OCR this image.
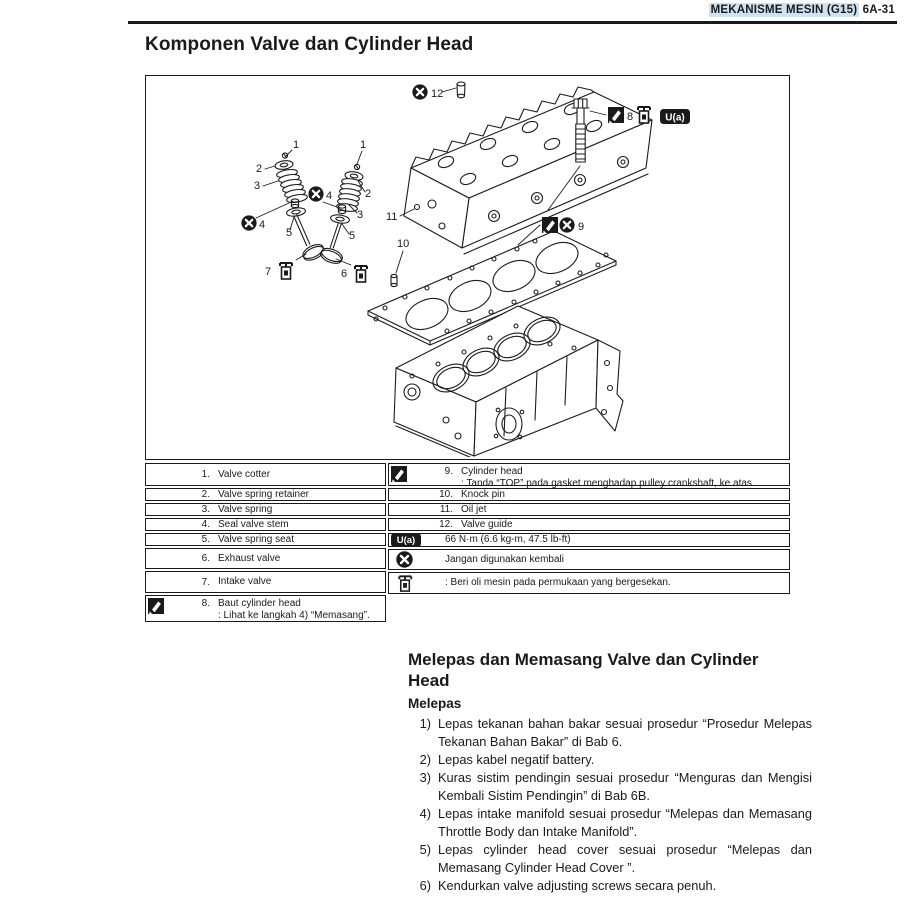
MEKANISME MESIN (G15) 6A-31
Komponen Valve dan Cylinder Head
U(a)
12
8
9
11
10
1
2
3
4
5
7
1
2
3
4
5
6
1. Valve cotter
2. Valve spring retainer
3. Valve spring
4. Seal valve stem
5. Valve spring seat
6. Exhaust valve
7. Intake valve
8. Baut cylinder head
: Lihat ke langkah 4) “Memasang”.
9. Cylinder head
: Tanda “TOP” pada gasket menghadap pulley crankshaft, ke atas.
10. Knock pin
11. Oil jet
12. Valve guide
U(a)	66 N·m (6.6 kg-m, 47.5 lb-ft)
Jangan digunakan kembali
: Beri oli mesin pada permukaan yang bergesekan.
Melepas dan Memasang Valve dan Cylinder Head
Melepas
1) Lepas tekanan bahan bakar sesuai prosedur “Prosedur Melepas Tekanan Bahan Bakar” di Bab 6.
2) Lepas kabel negatif battery.
3) Kuras sistim pendingin sesuai prosedur “Menguras dan Mengisi Kembali Sistim Pendingin” di Bab 6B.
4) Lepas intake manifold sesuai prosedur “Melepas dan Memasang Throttle Body dan Intake Manifold”.
5) Lepas cylinder head cover sesuai prosedur “Melepas dan Memasang Cylinder Head Cover ”.
6) Kendurkan valve adjusting screws secara penuh.
